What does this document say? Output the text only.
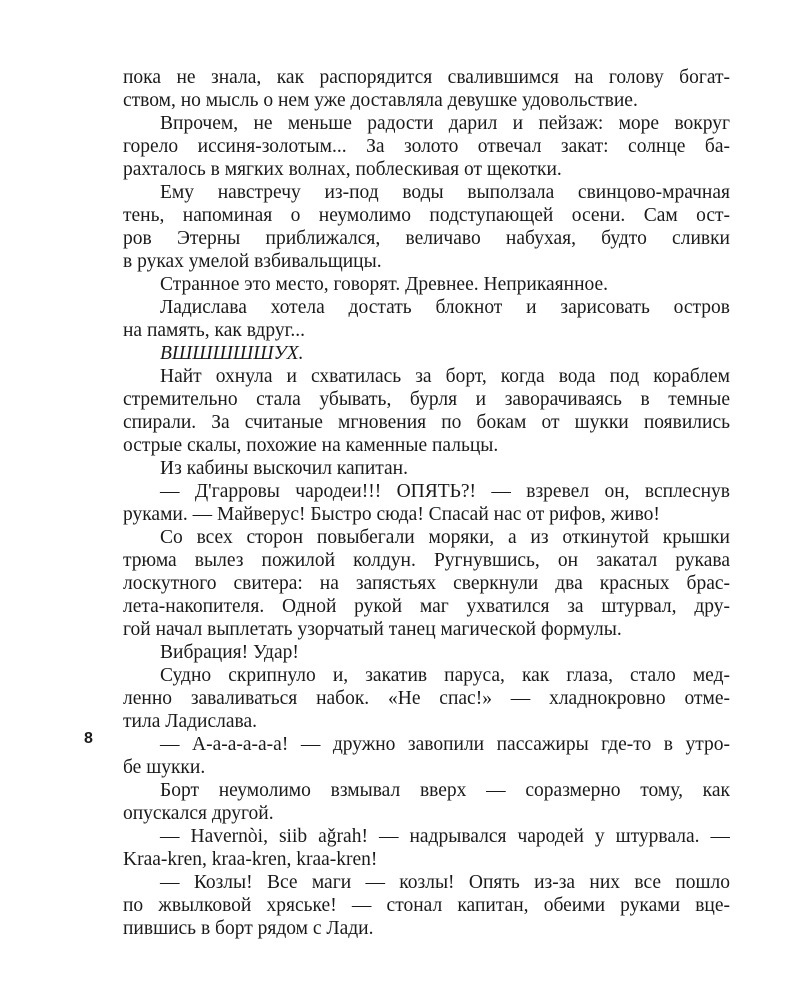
пока не знала, как распорядится свалившимся на голову богат-
ством, но мысль о нем уже доставляла девушке удовольствие.
Впрочем, не меньше радости дарил и пейзаж: море вокруг
горело иссиня-золотым... За золото отвечал закат: солнце ба-
рахталось в мягких волнах, поблескивая от щекотки.
Ему навстречу из-под воды выползала свинцово-мрачная
тень, напоминая о неумолимо подступающей осени. Сам ост-
ров Этерны приближался, величаво набухая, будто сливки
в руках умелой взбивальщицы.
Странное это место, говорят. Древнее. Неприкаянное.
Ладислава хотела достать блокнот и зарисовать остров
на память, как вдруг...
ВШШШШШУХ.
Найт охнула и схватилась за борт, когда вода под кораблем
стремительно стала убывать, бурля и заворачиваясь в темные
спирали. За считаные мгновения по бокам от шукки появились
острые скалы, похожие на каменные пальцы.
Из кабины выскочил капитан.
— Д'гарровы чародеи!!! ОПЯТЬ?! — взревел он, всплеснув
руками. — Майверус! Быстро сюда! Спасай нас от рифов, живо!
Со всех сторон повыбегали моряки, а из откинутой крышки
трюма вылез пожилой колдун. Ругнувшись, он закатал рукава
лоскутного свитера: на запястьях сверкнули два красных брас-
лета-накопителя. Одной рукой маг ухватился за штурвал, дру-
гой начал выплетать узорчатый танец магической формулы.
Вибрация! Удар!
Судно скрипнуло и, закатив паруса, как глаза, стало мед-
ленно заваливаться набок. «Не спас!» — хладнокровно отме-
тила Ладислава.
— А-а-а-а-а-а! — дружно завопили пассажиры где-то в утро-
бе шукки.
Борт неумолимо взмывал вверх — соразмерно тому, как
опускался другой.
— Havernòi, siib aǧrah! — надрывался чародей у штурвала. —
Kraa-kren, kraa-kren, kraa-kren!
— Козлы! Все маги — козлы! Опять из-за них все пошло
по жвылковой хряське! — стонал капитан, обеими руками вце-
пившись в борт рядом с Лади.
8
